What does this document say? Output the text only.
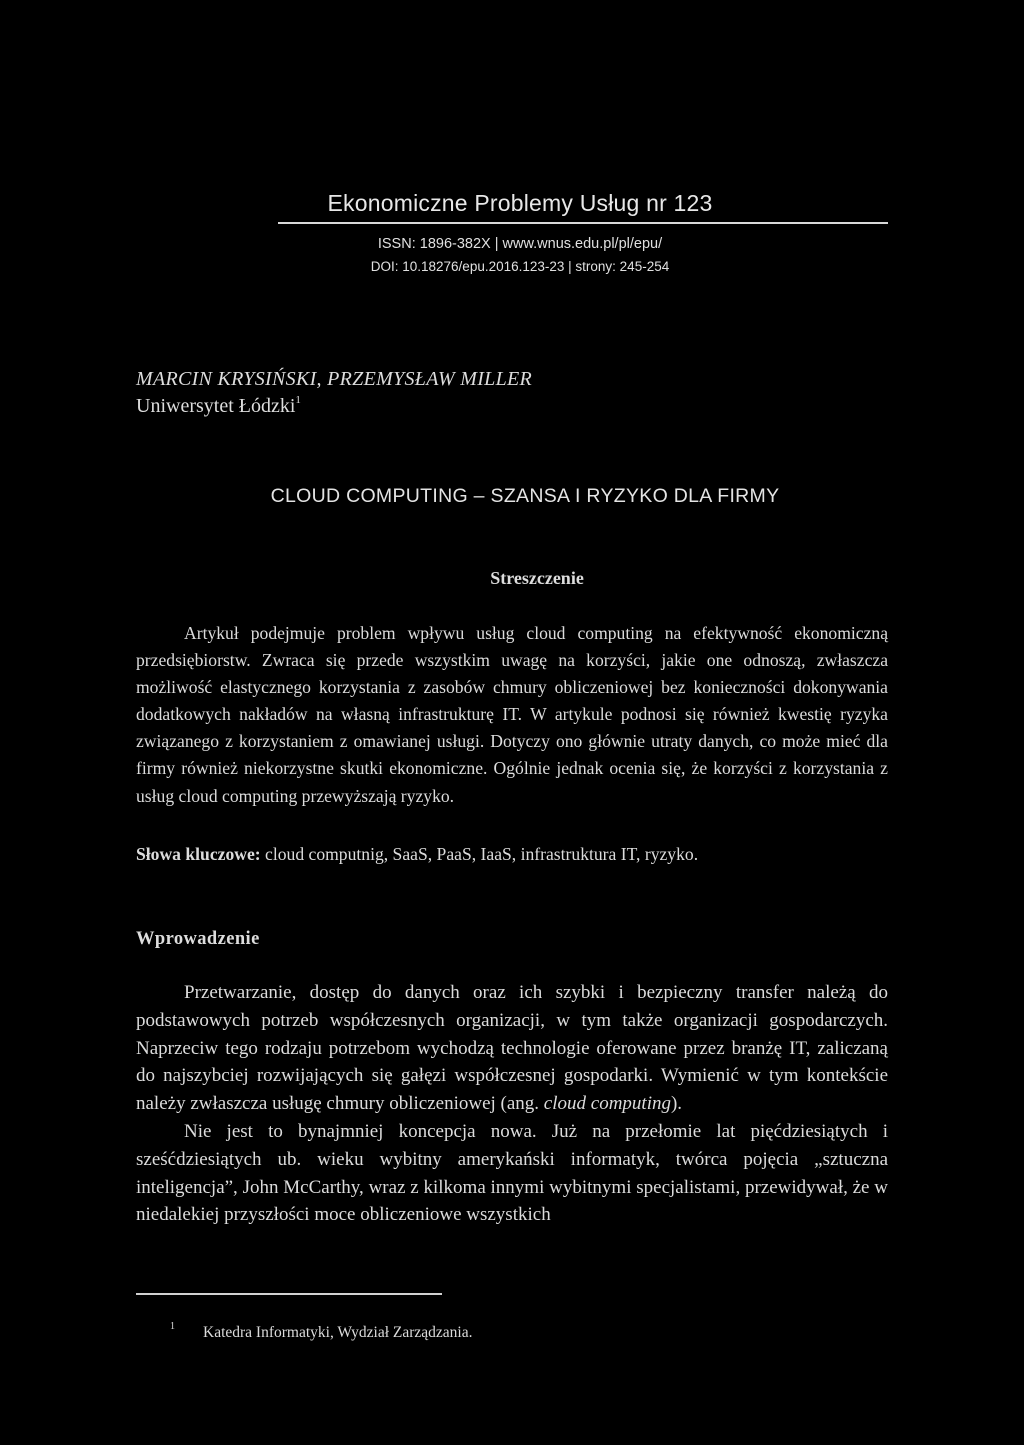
Ekonomiczne Problemy Usług nr 123
ISSN: 1896-382X | www.wnus.edu.pl/pl/epu/
DOI: 10.18276/epu.2016.123-23 | strony: 245-254
MARCIN KRYSIŃSKI, PRZEMYSŁAW MILLER
Uniwersytet Łódzki$^1$
CLOUD COMPUTING – SZANSA I RYZYKO DLA FIRMY
Streszczenie

Artykuł podejmuje problem wpływu usług cloud computing na efektywność ekonomiczną przedsiębiorstw. Zwraca się przede wszystkim uwagę na korzyści, jakie one odnoszą, zwłaszcza możliwość elastycznego korzystania z zasobów chmury obliczeniowej bez konieczności dokonywania dodatkowych nakładów na własną infrastrukturę IT. W artykule podnosi się również kwestię ryzyka związanego z korzystaniem z omawianej usługi. Dotyczy ono głównie utraty danych, co może mieć dla firmy również niekorzystne skutki ekonomiczne. Ogólnie jednak ocenia się, że korzyści z korzystania z usług cloud computing przewyższają ryzyko.

Słowa kluczowe: cloud computnig, SaaS, PaaS, IaaS, infrastruktura IT, ryzyko.
Wprowadzenie

Przetwarzanie, dostęp do danych oraz ich szybki i bezpieczny transfer należą do podstawowych potrzeb współczesnych organizacji, w tym także organizacji gospodarczych. Naprzeciw tego rodzaju potrzebom wychodzą technologie oferowane przez branżę IT, zaliczaną do najszybciej rozwijających się gałęzi współczesnej gospodarki. Wymienić w tym kontekście należy zwłaszcza usługę chmury obliczeniowej (ang. cloud computing).

Nie jest to bynajmniej koncepcja nowa. Już na przełomie lat pięćdziesiątych i sześćdziesiątych ub. wieku wybitny amerykański informatyk, twórca pojęcia „sztuczna inteligencja”, John McCarthy, wraz z kilkoma innymi wybitnymi specjalistami, przewidywał, że w niedalekiej przyszłości moce obliczeniowe wszystkich

$^1$ Katedra Informatyki, Wydział Zarządzania.
